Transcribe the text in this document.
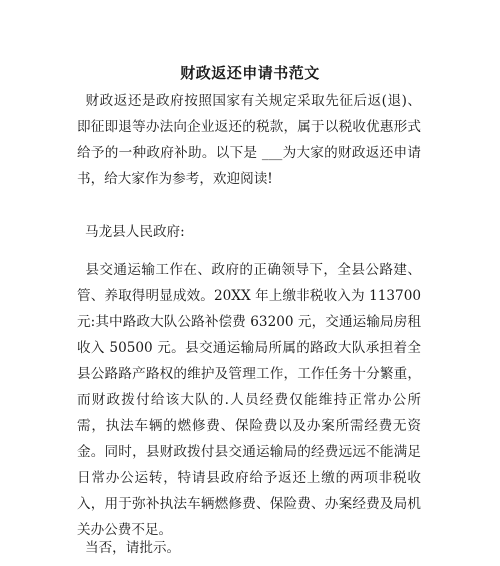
财政返还申请书范文

财政返还是政府按照国家有关规定采取先征后返(退)、即征即退等办法向企业返还的税款，属于以税收优惠形式给予的一种政府补助。以下是 ___为大家的财政返还申请书，给大家作为参考，欢迎阅读!

马龙县人民政府:

县交通运输工作在、政府的正确领导下，全县公路建、管、养取得明显成效。20XX 年上缴非税收入为 113700 元:其中路政大队公路补偿费 63200 元，交通运输局房租收入 50500 元。县交通运输局所属的路政大队承担着全县公路路产路权的维护及管理工作，工作任务十分繁重，而财政拨付给该大队的.人员经费仅能维持正常办公所需，执法车辆的燃修费、保险费以及办案所需经费无资金。同时，县财政拨付县交通运输局的经费远远不能满足日常办公运转，特请县政府给予返还上缴的两项非税收入，用于弥补执法车辆燃修费、保险费、办案经费及局机关办公费不足。

当否，请批示。
